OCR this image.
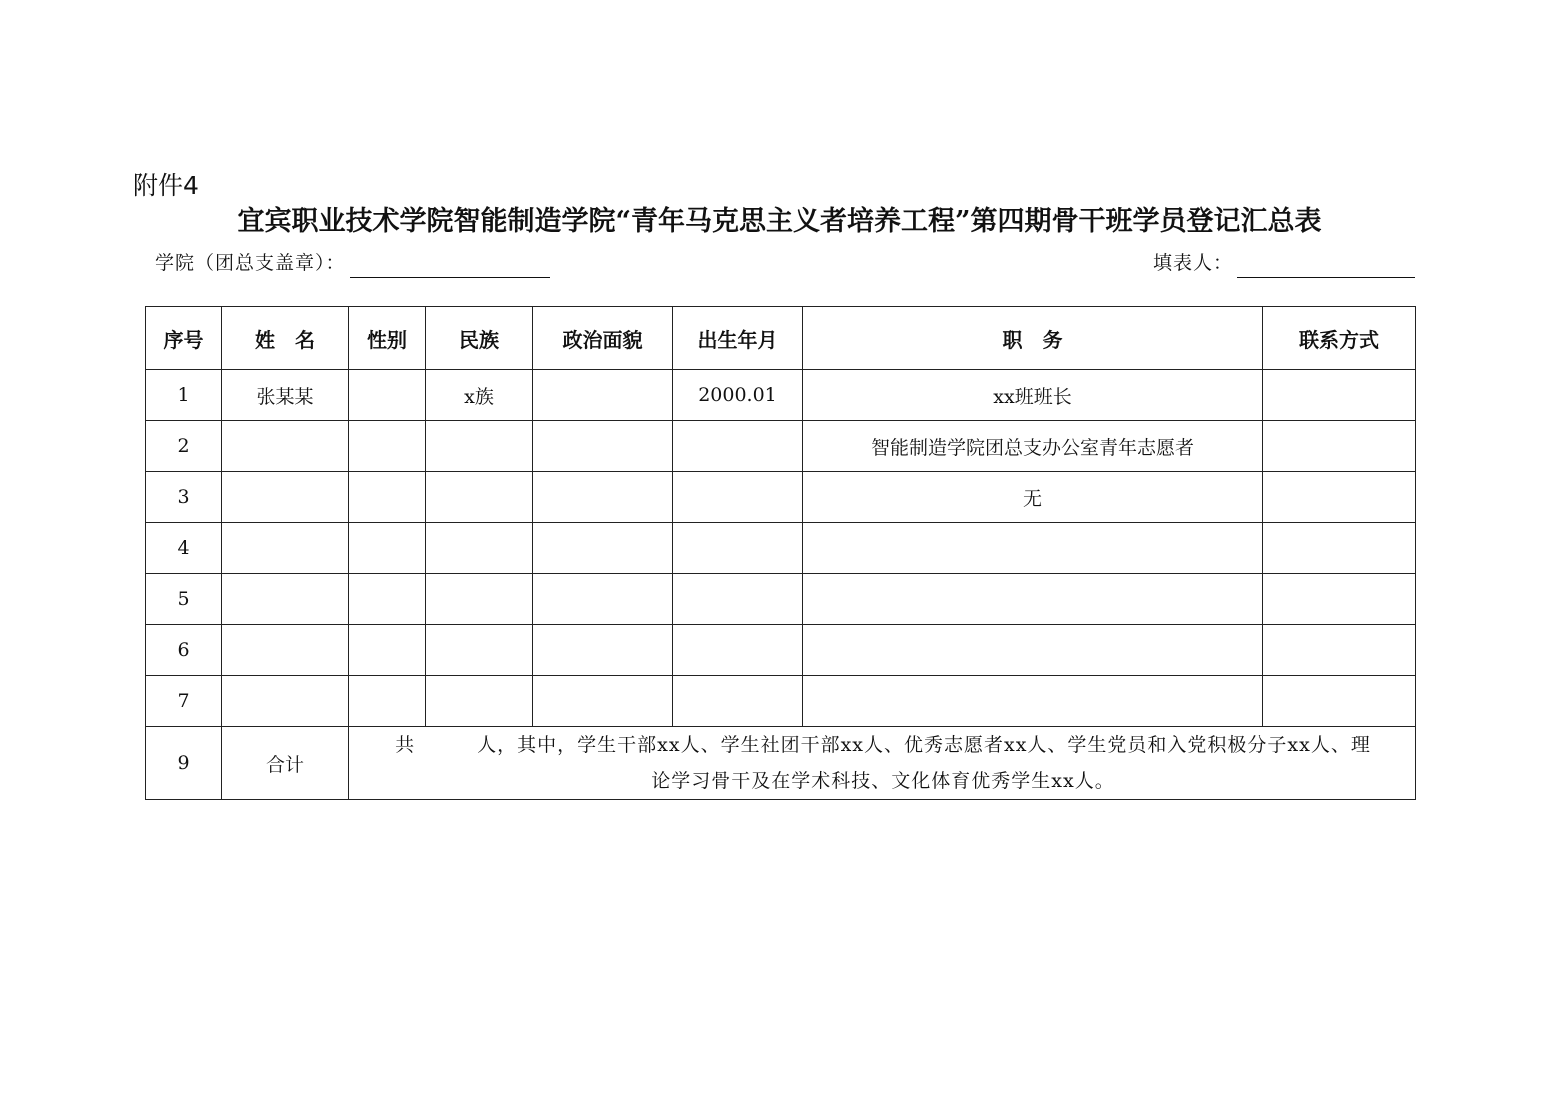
附件4
宜宾职业技术学院智能制造学院“青年马克思主义者培养工程”第四期骨干班学员登记汇总表
学院（团总支盖章）：	填表人：
序号	姓　名	性别	民族	政治面貌	出生年月	职　务	联系方式
1	张某某		x族		2000.01	xx班班长	
2						智能制造学院团总支办公室青年志愿者	
3						无	
4							
5							
6							
7							
9	合计	共 人，其中，学生干部xx人、学生社团干部xx人、优秀志愿者xx人、学生党员和入党积极分子xx人、理
论学习骨干及在学术科技、文化体育优秀学生xx人。					
